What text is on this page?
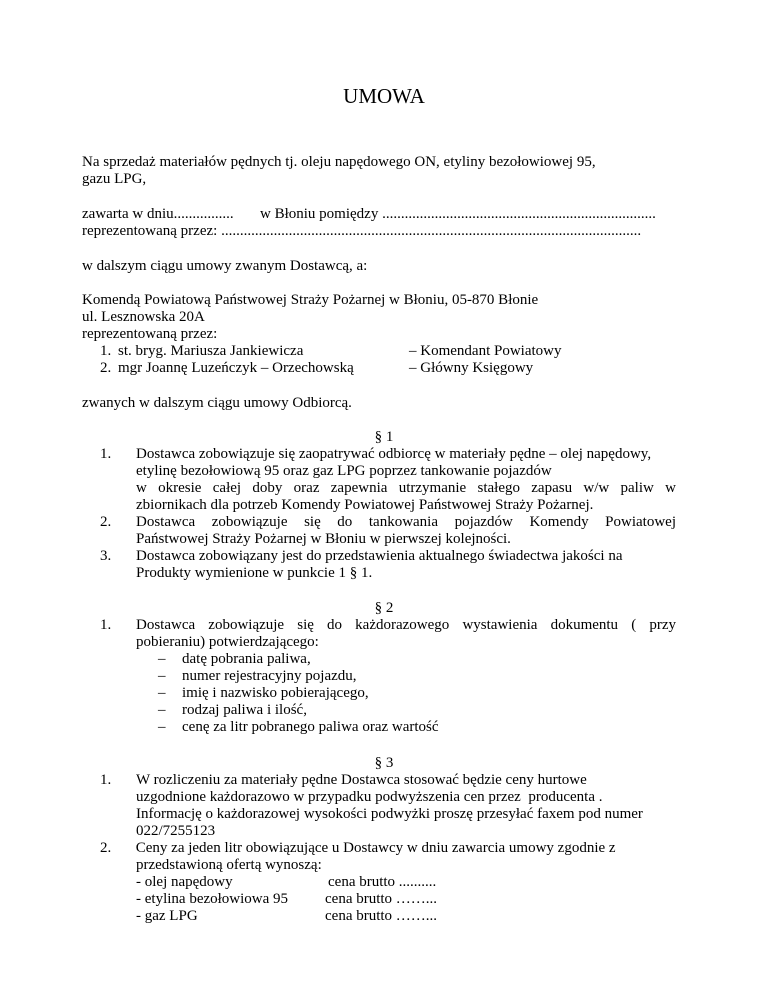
UMOWA
Na sprzedaż materiałów pędnych tj. oleju napędowego ON, etyliny bezołowiowej 95,
gazu LPG,
zawarta w dniu................ w Błoniu pomiędzy .........................................................................
reprezentowaną przez: ................................................................................................................
w dalszym ciągu umowy zwanym Dostawcą, a:
Komendą Powiatową Państwowej Straży Pożarnej w Błoniu, 05-870 Błonie
ul. Lesznowska 20A
reprezentowaną przez:
1. st. bryg. Mariusza Jankiewicza	– Komendant Powiatowy
2. mgr Joannę Luzeńczyk – Orzechowską	– Główny Księgowy
zwanych w dalszym ciągu umowy Odbiorcą.
§ 1
1. Dostawca zobowiązuje się zaopatrywać odbiorcę w materiały pędne – olej napędowy,
etylinę bezołowiową 95 oraz gaz LPG poprzez tankowanie pojazdów
w okresie całej doby oraz zapewnia utrzymanie stałego zapasu w/w paliw w
zbiornikach dla potrzeb Komendy Powiatowej Państwowej Straży Pożarnej.
2. Dostawca zobowiązuje się do tankowania pojazdów Komendy Powiatowej
Państwowej Straży Pożarnej w Błoniu w pierwszej kolejności.
3. Dostawca zobowiązany jest do przedstawienia aktualnego świadectwa jakości na
Produkty wymienione w punkcie 1 § 1.
§ 2
1. Dostawca zobowiązuje się do każdorazowego wystawienia dokumentu ( przy
pobieraniu) potwierdzającego:
– datę pobrania paliwa,
– numer rejestracyjny pojazdu,
– imię i nazwisko pobierającego,
– rodzaj paliwa i ilość,
– cenę za litr pobranego paliwa oraz wartość
§ 3
1. W rozliczeniu za materiały pędne Dostawca stosować będzie ceny hurtowe
uzgodnione każdorazowo w przypadku podwyższenia cen przez  producenta .
Informację o każdorazowej wysokości podwyżki proszę przesyłać faxem pod numer
022/7255123
2. Ceny za jeden litr obowiązujące u Dostawcy w dniu zawarcia umowy zgodnie z
przedstawioną ofertą wynoszą:
- olej napędowy	cena brutto ..........
- etylina bezołowiowa 95 cena brutto ……...
- gaz LPG	cena brutto ……...
